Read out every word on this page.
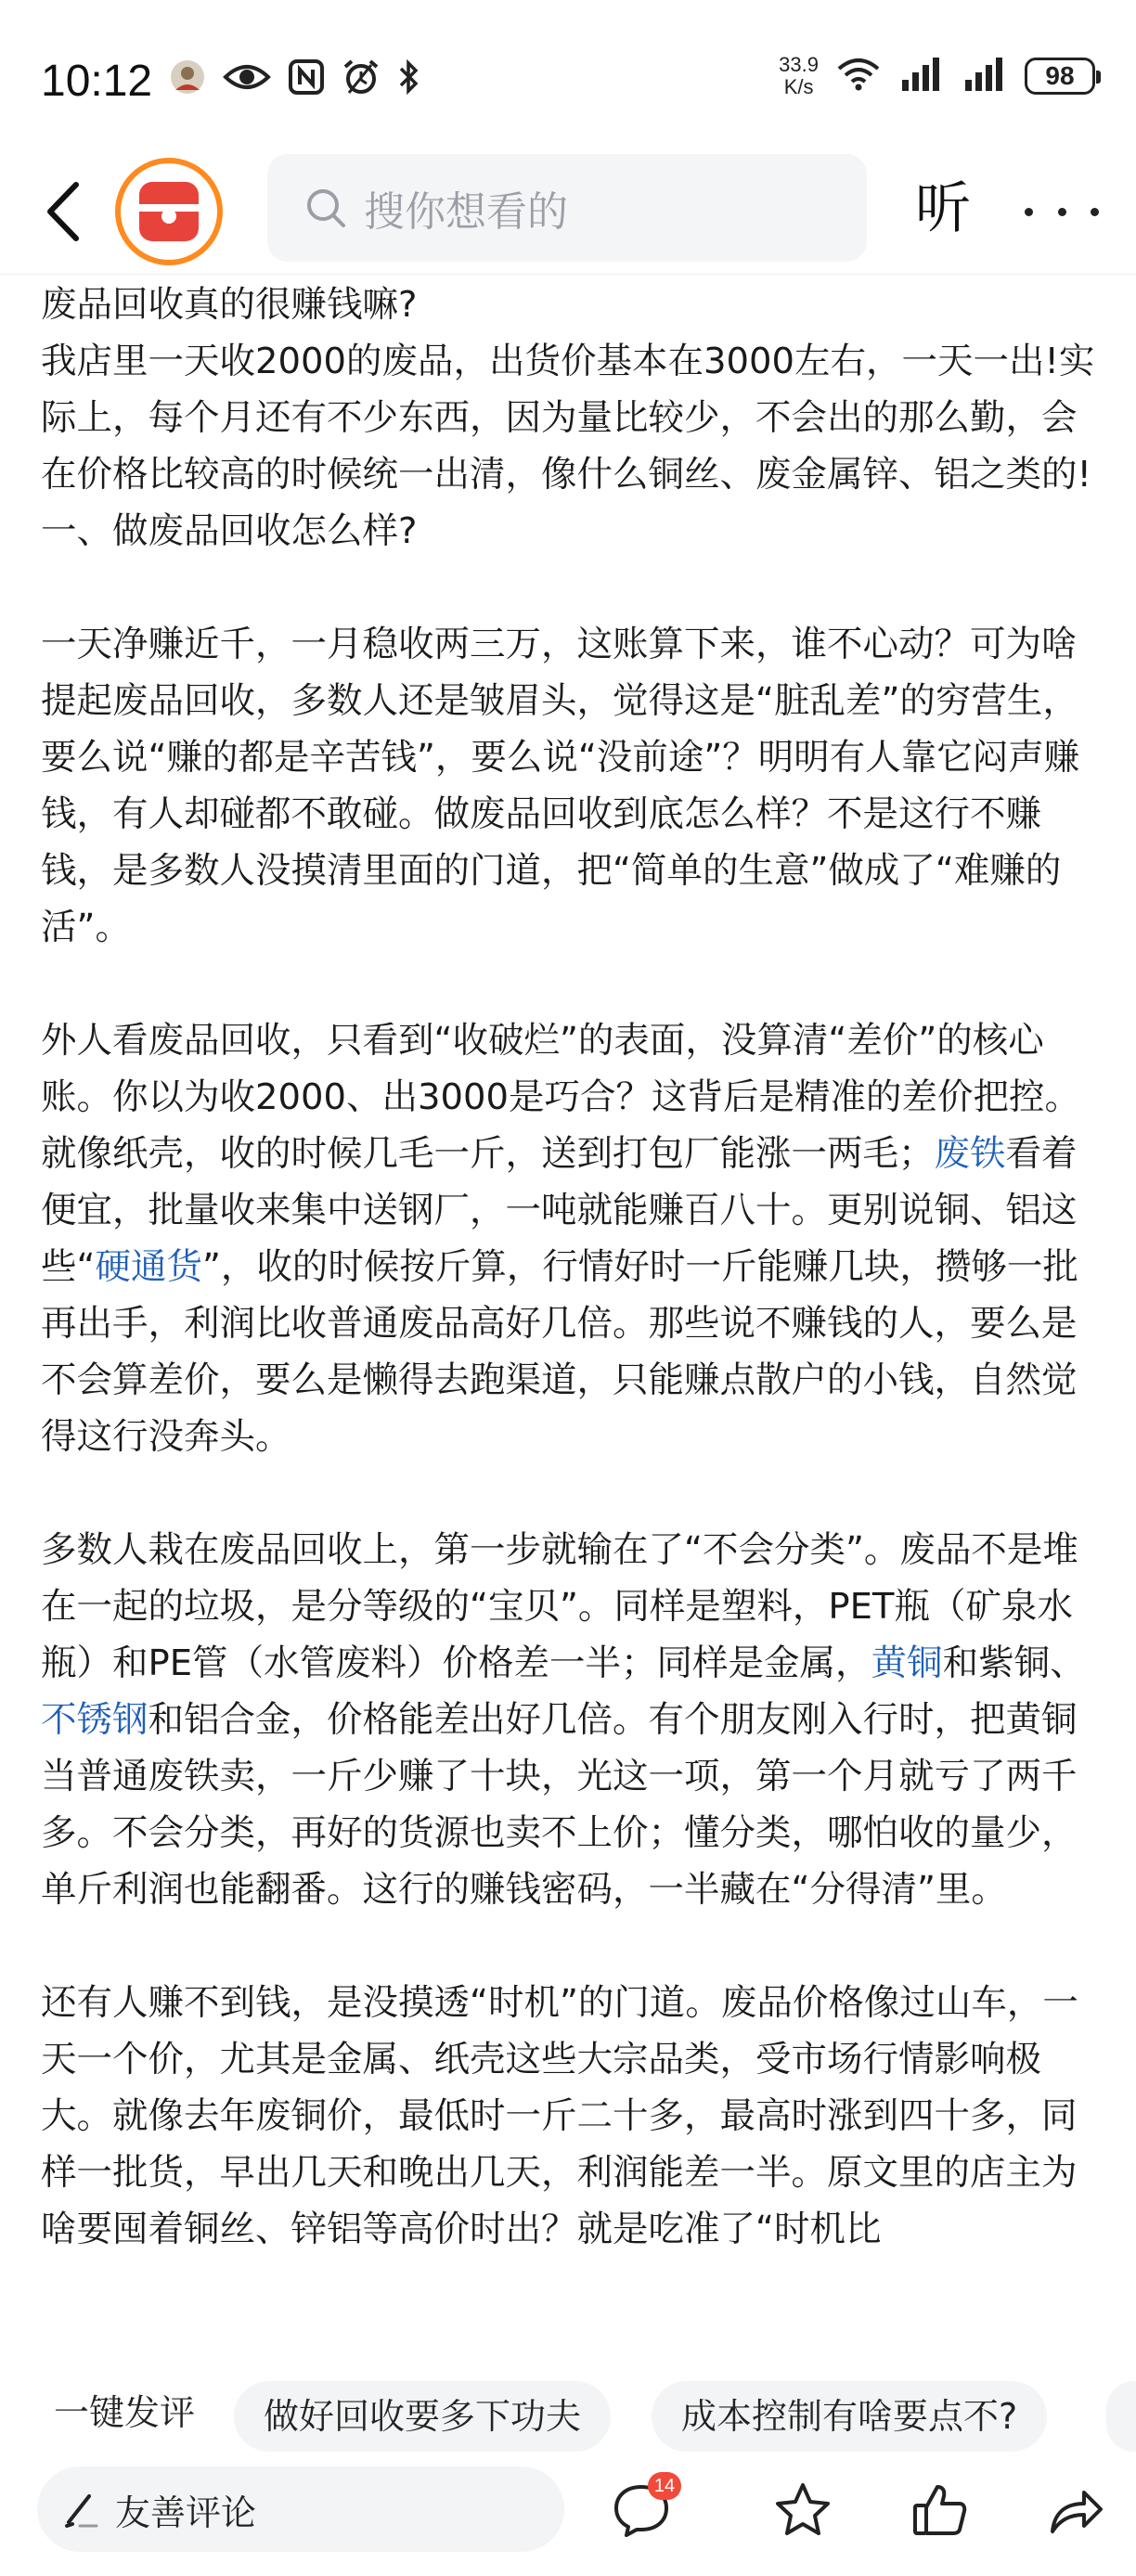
10:12	33.9
K/s	98
搜你想看的	听

废品回收真的很赚钱嘛?

我店里一天收2000的废品，出货价基本在3000左右，一天一出!实际上，每个月还有不少东西，因为量比较少，不会出的那么勤，会在价格比较高的时候统一出清，像什么铜丝、废金属锌、铝之类的!

一、做废品回收怎么样?

一天净赚近千，一月稳收两三万，这账算下来，谁不心动？可为啥提起废品回收，多数人还是皱眉头，觉得这是“脏乱差”的穷营生，要么说“赚的都是辛苦钱”，要么说“没前途”？明明有人靠它闷声赚钱，有人却碰都不敢碰。做废品回收到底怎么样？不是这行不赚钱，是多数人没摸清里面的门道，把“简单的生意”做成了“难赚的活”。

外人看废品回收，只看到“收破烂”的表面，没算清“差价”的核心账。你以为收2000、出3000是巧合？这背后是精准的差价把控。就像纸壳，收的时候几毛一斤，送到打包厂能涨一两毛；废铁看着便宜，批量收来集中送钢厂，一吨就能赚百八十。更别说铜、铝这些“硬通货”，收的时候按斤算，行情好时一斤能赚几块，攒够一批再出手，利润比收普通废品高好几倍。那些说不赚钱的人，要么是不会算差价，要么是懒得去跑渠道，只能赚点散户的小钱，自然觉得这行没奔头。

多数人栽在废品回收上，第一步就输在了“不会分类”。废品不是堆在一起的垃圾，是分等级的“宝贝”。同样是塑料，PET瓶（矿泉水瓶）和PE管（水管废料）价格差一半；同样是金属，黄铜和紫铜、不锈钢和铝合金，价格能差出好几倍。有个朋友刚入行时，把黄铜当普通废铁卖，一斤少赚了十块，光这一项，第一个月就亏了两千多。不会分类，再好的货源也卖不上价；懂分类，哪怕收的量少，单斤利润也能翻番。这行的赚钱密码，一半藏在“分得清”里。

还有人赚不到钱，是没摸透“时机”的门道。废品价格像过山车，一天一个价，尤其是金属、纸壳这些大宗品类，受市场行情影响极大。就像去年废铜价，最低时一斤二十多，最高时涨到四十多，同样一批货，早出几天和晚出几天，利润能差一半。原文里的店主为啥要囤着铜丝、锌铝等高价时出？就是吃准了“时机比

一键发评	做好回收要多下功夫	成本控制有啥要点不?
友善评论
14
